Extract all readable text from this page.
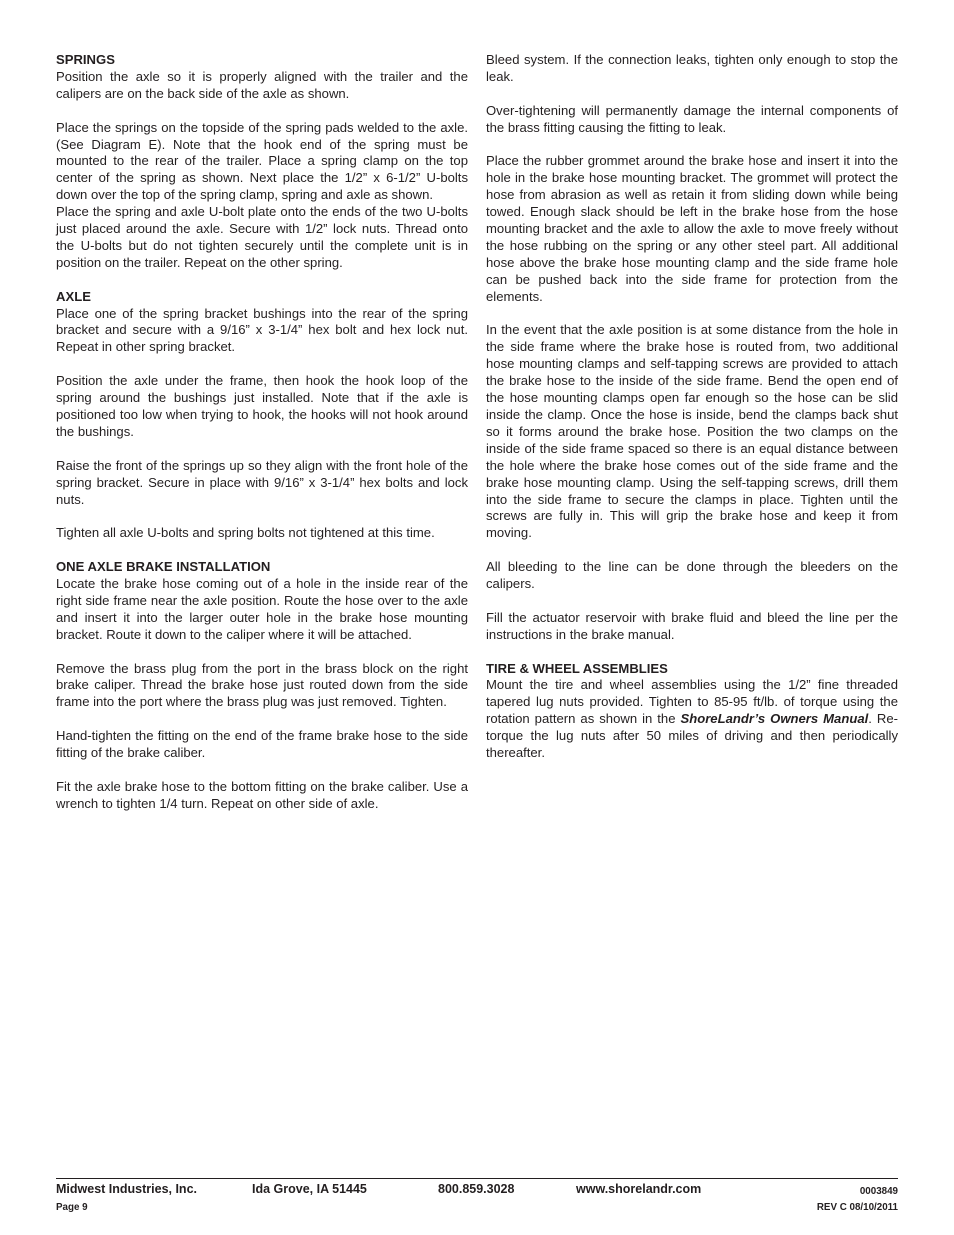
SPRINGS

Position the axle so it is properly aligned with the trailer and the calipers are on the back side of the axle as shown.

Place the springs on the topside of the spring pads welded to the axle. (See Diagram E). Note that the hook end of the spring must be mounted to the rear of the trailer. Place a spring clamp on the top center of the spring as shown. Next place the 1/2” x 6-1/2” U-bolts down over the top of the spring clamp, spring and axle as shown.

Place the spring and axle U-bolt plate onto the ends of the two U-bolts just placed around the axle. Secure with 1/2” lock nuts. Thread onto the U-bolts but do not tighten securely until the complete unit is in position on the trailer. Repeat on the other spring.

AXLE

Place one of the spring bracket bushings into the rear of the spring bracket and secure with a 9/16” x 3-1/4” hex bolt and hex lock nut. Repeat in other spring bracket.

Position the axle under the frame, then hook the hook loop of the spring around the bushings just installed. Note that if the axle is positioned too low when trying to hook, the hooks will not hook around the bushings.

Raise the front of the springs up so they align with the front hole of the spring bracket. Secure in place with 9/16” x 3-1/4” hex bolts and lock nuts.

Tighten all axle U-bolts and spring bolts not tightened at this time.

ONE AXLE BRAKE INSTALLATION

Locate the brake hose coming out of a hole in the inside rear of the right side frame near the axle position. Route the hose over to the axle and insert it into the larger outer hole in the brake hose mounting bracket. Route it down to the caliper where it will be attached.

Remove the brass plug from the port in the brass block on the right brake caliper. Thread the brake hose just routed down from the side frame into the port where the brass plug was just removed. Tighten.

Hand-tighten the fitting on the end of the frame brake hose to the side fitting of the brake caliber.

Fit the axle brake hose to the bottom fitting on the brake caliber. Use a wrench to tighten 1/4 turn. Repeat on other side of axle.

Bleed system. If the connection leaks, tighten only enough to stop the leak.

Over-tightening will permanently damage the internal components of the brass fitting causing the fitting to leak.

Place the rubber grommet around the brake hose and insert it into the hole in the brake hose mounting bracket. The grommet will protect the hose from abrasion as well as retain it from sliding down while being towed. Enough slack should be left in the brake hose from the hose mounting bracket and the axle to allow the axle to move freely without the hose rubbing on the spring or any other steel part. All additional hose above the brake hose mounting clamp and the side frame hole can be pushed back into the side frame for protection from the elements.

In the event that the axle position is at some distance from the hole in the side frame where the brake hose is routed from, two additional hose mounting clamps and self-tapping screws are provided to attach the brake hose to the inside of the side frame. Bend the open end of the hose mounting clamps open far enough so the hose can be slid inside the clamp. Once the hose is inside, bend the clamps back shut so it forms around the brake hose. Position the two clamps on the inside of the side frame spaced so there is an equal distance between the hole where the brake hose comes out of the side frame and the brake hose mounting clamp. Using the self-tapping screws, drill them into the side frame to secure the clamps in place. Tighten until the screws are fully in. This will grip the brake hose and keep it from moving.

All bleeding to the line can be done through the bleeders on the calipers.

Fill the actuator reservoir with brake fluid and bleed the line per the instructions in the brake manual.

TIRE & WHEEL ASSEMBLIES

Mount the tire and wheel assemblies using the 1/2” fine threaded tapered lug nuts provided. Tighten to 85-95 ft/lb. of torque using the rotation pattern as shown in the ShoreLandr’s Owners Manual. Re-torque the lug nuts after 50 miles of driving and then periodically thereafter.

Midwest Industries, Inc.	Ida Grove, IA 51445	800.859.3028	www.shorelandr.com	0003849
Page 9	REV C 08/10/2011
